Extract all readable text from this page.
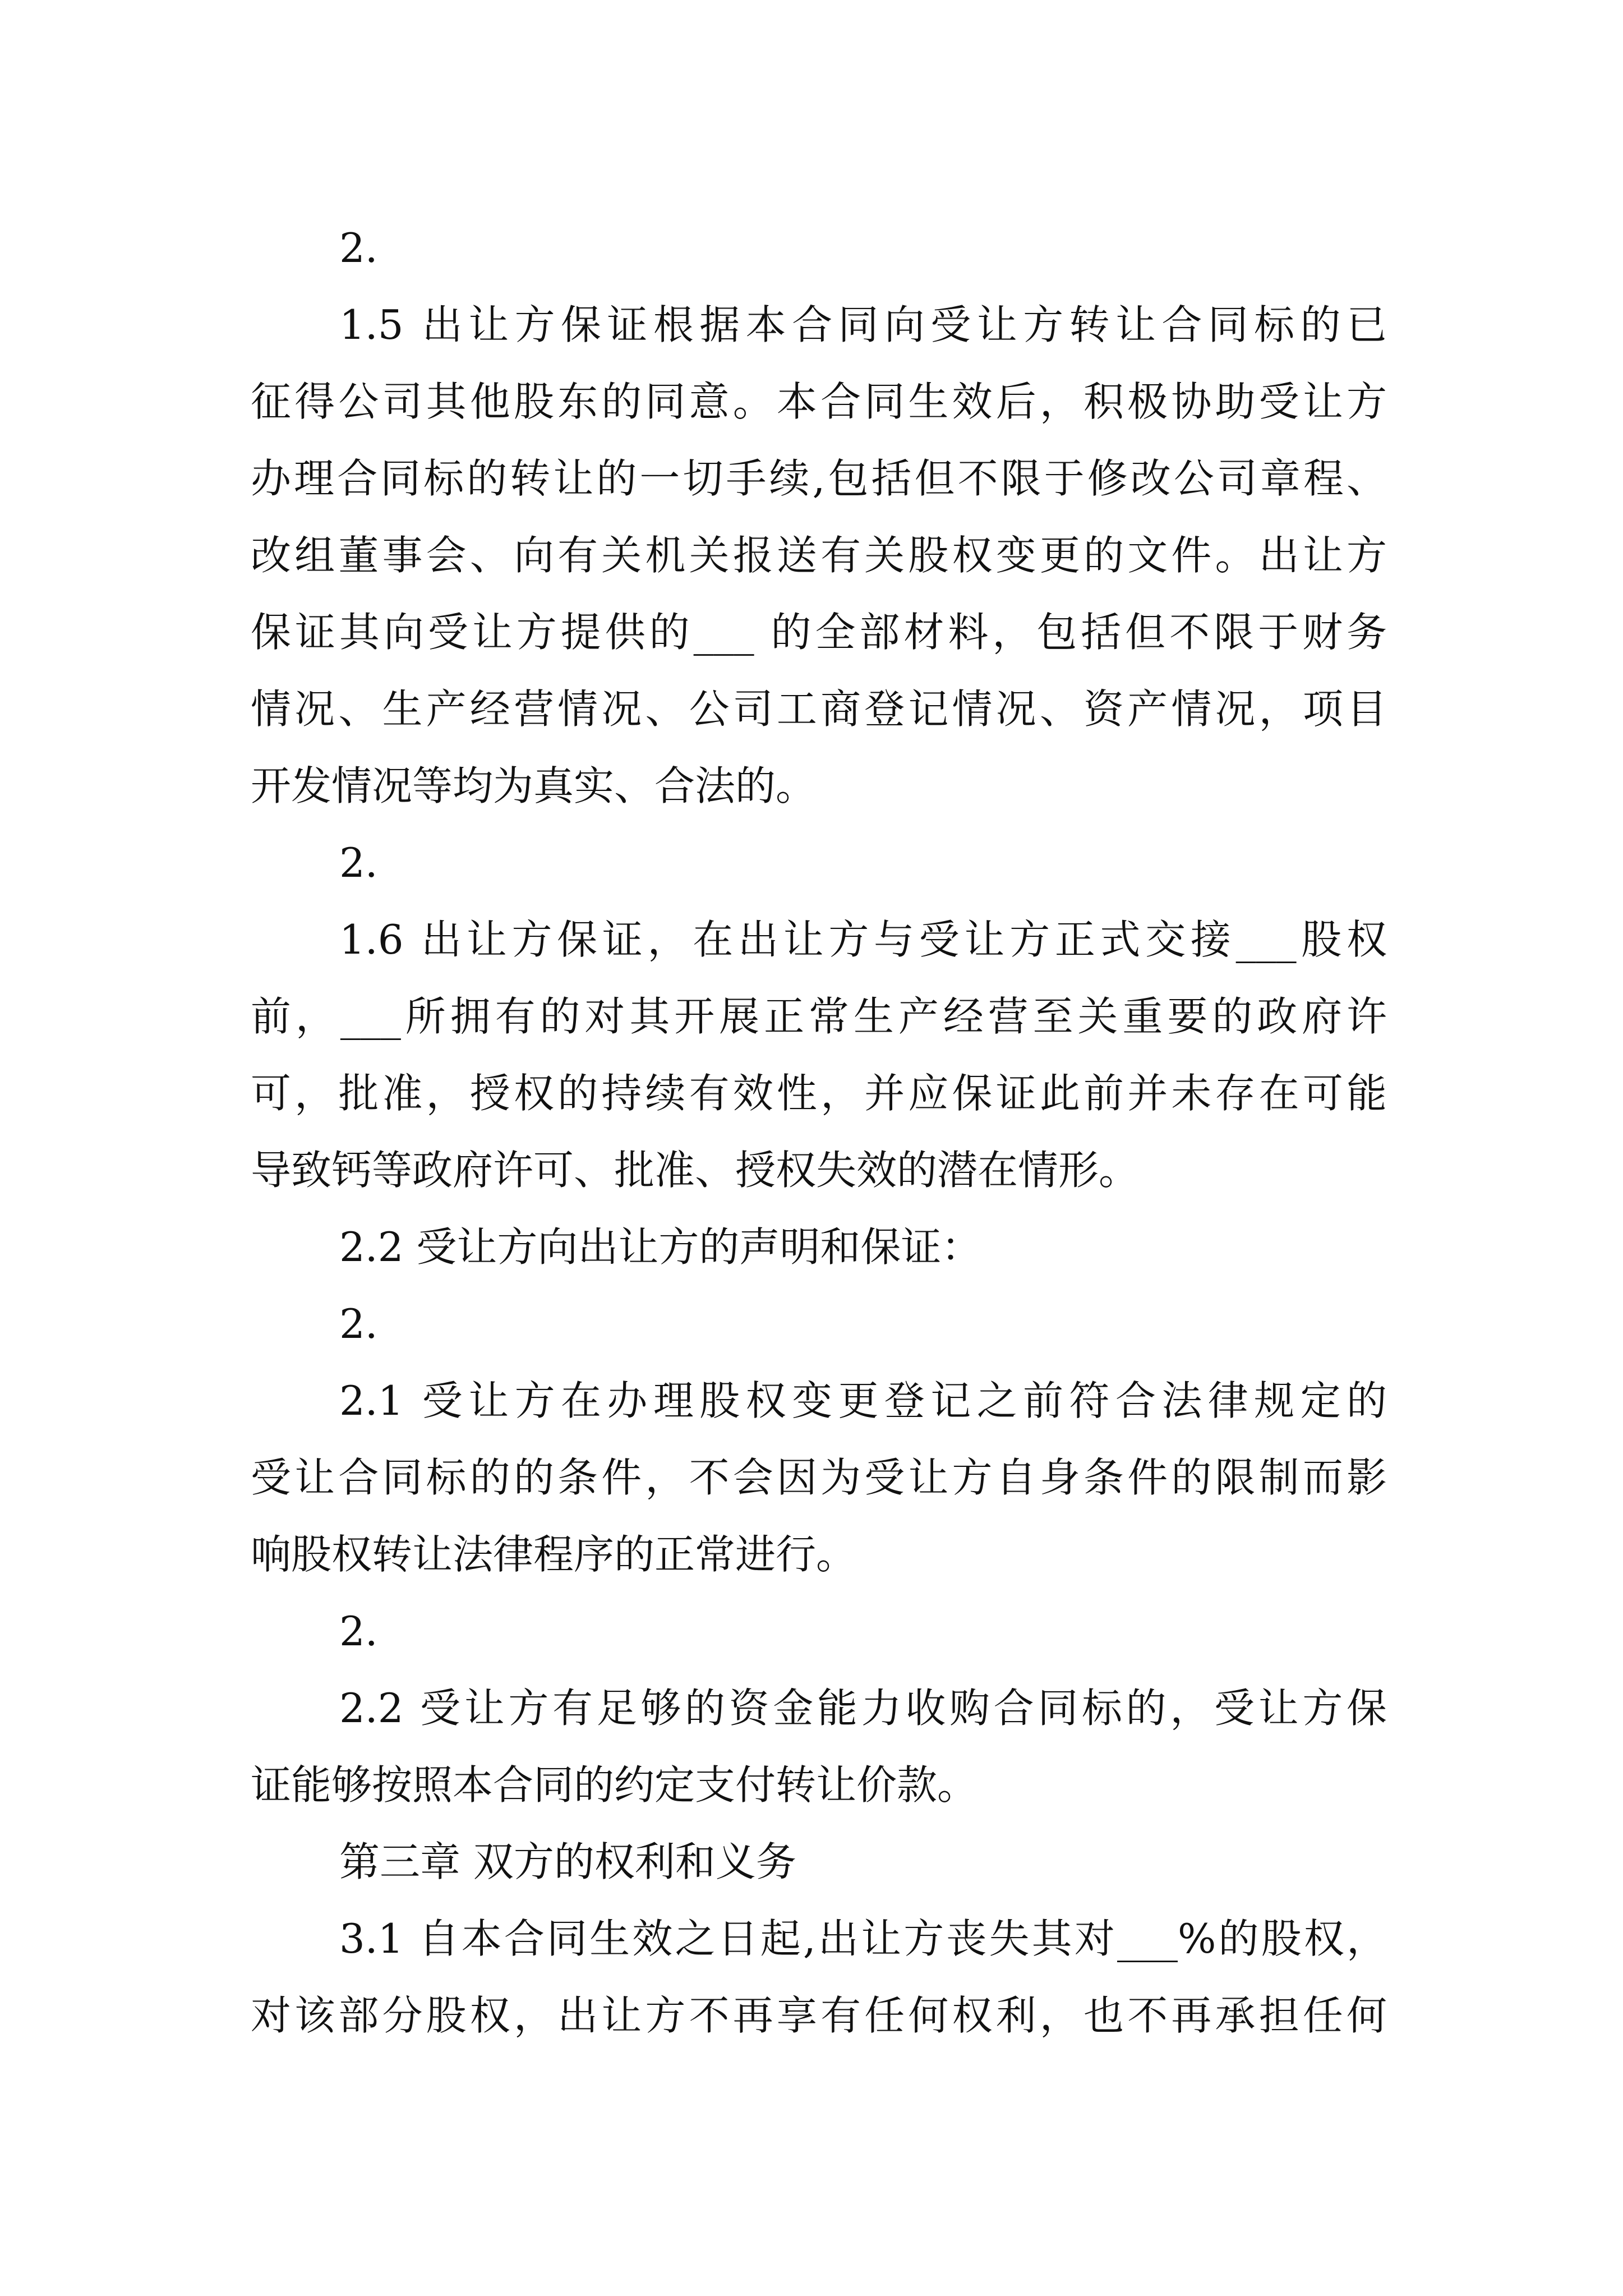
2.
1.5 出让方保证根据本合同向受让方转让合同标的已
征得公司其他股东的同意。本合同生效后，积极协助受让方
办理合同标的转让的一切手续,包括但不限于修改公司章程、
改组董事会、向有关机关报送有关股权变更的文件。出让方
保证其向受让方提供的___ 的全部材料，包括但不限于财务
情况、生产经营情况、公司工商登记情况、资产情况，项目
开发情况等均为真实、合法的。
2.
1.6 出让方保证，在出让方与受让方正式交接___股权
前，___所拥有的对其开展正常生产经营至关重要的政府许
可，批准，授权的持续有效性，并应保证此前并未存在可能
导致钙等政府许可、批准、授权失效的潜在情形。
2.2 受让方向出让方的声明和保证：
2.
2.1 受让方在办理股权变更登记之前符合法律规定的
受让合同标的的条件，不会因为受让方自身条件的限制而影
响股权转让法律程序的正常进行。
2.
2.2 受让方有足够的资金能力收购合同标的，受让方保
证能够按照本合同的约定支付转让价款。
第三章 双方的权利和义务
3.1 自本合同生效之日起,出让方丧失其对___%的股权，
对该部分股权，出让方不再享有任何权利，也不再承担任何
